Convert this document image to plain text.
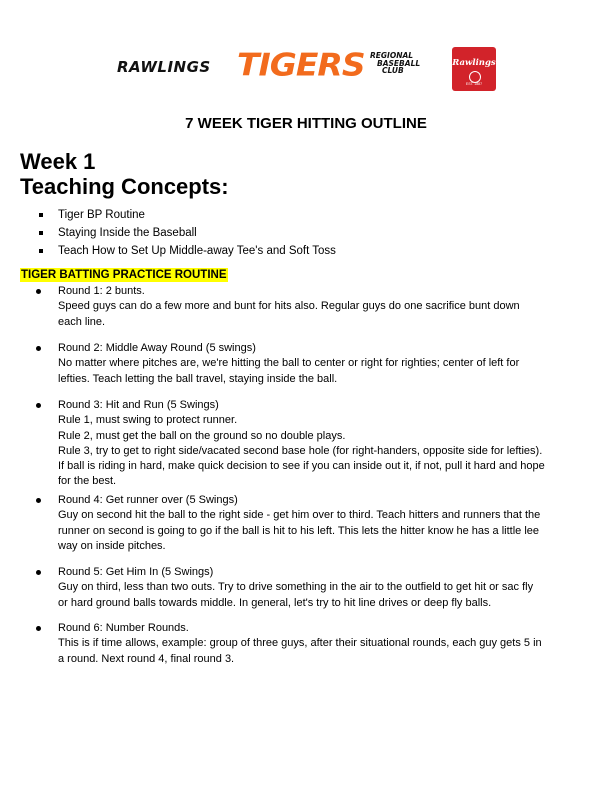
RAWLINGS TIGERS REGIONAL
BASEBALL
CLUB
Rawlings
EST. 1887
7 WEEK TIGER HITTING OUTLINE
Week 1
Teaching Concepts:
Tiger BP Routine
Staying Inside the Baseball
Teach How to Set Up Middle-away Tee's and Soft Toss
TIGER BATTING PRACTICE ROUTINE
Round 1: 2 bunts.
Speed guys can do a few more and bunt for hits also. Regular guys do one sacrifice bunt down
each line.
Round 2: Middle Away Round (5 swings)
No matter where pitches are, we're hitting the ball to center or right for righties; center of left for
lefties. Teach letting the ball travel, staying inside the ball.
Round 3: Hit and Run (5 Swings)
Rule 1, must swing to protect runner.
Rule 2, must get the ball on the ground so no double plays.
Rule 3, try to get to right side/vacated second base hole (for right-handers, opposite side for lefties).
If ball is riding in hard, make quick decision to see if you can inside out it, if not, pull it hard and hope
for the best.
Round 4: Get runner over (5 Swings)
Guy on second hit the ball to the right side - get him over to third. Teach hitters and runners that the
runner on second is going to go if the ball is hit to his left. This lets the hitter know he has a little lee
way on inside pitches.
Round 5: Get Him In (5 Swings)
Guy on third, less than two outs. Try to drive something in the air to the outfield to get hit or sac fly
or hard ground balls towards middle. In general, let's try to hit line drives or deep fly balls.
Round 6: Number Rounds.
This is if time allows, example: group of three guys, after their situational rounds, each guy gets 5 in
a round. Next round 4, final round 3.
